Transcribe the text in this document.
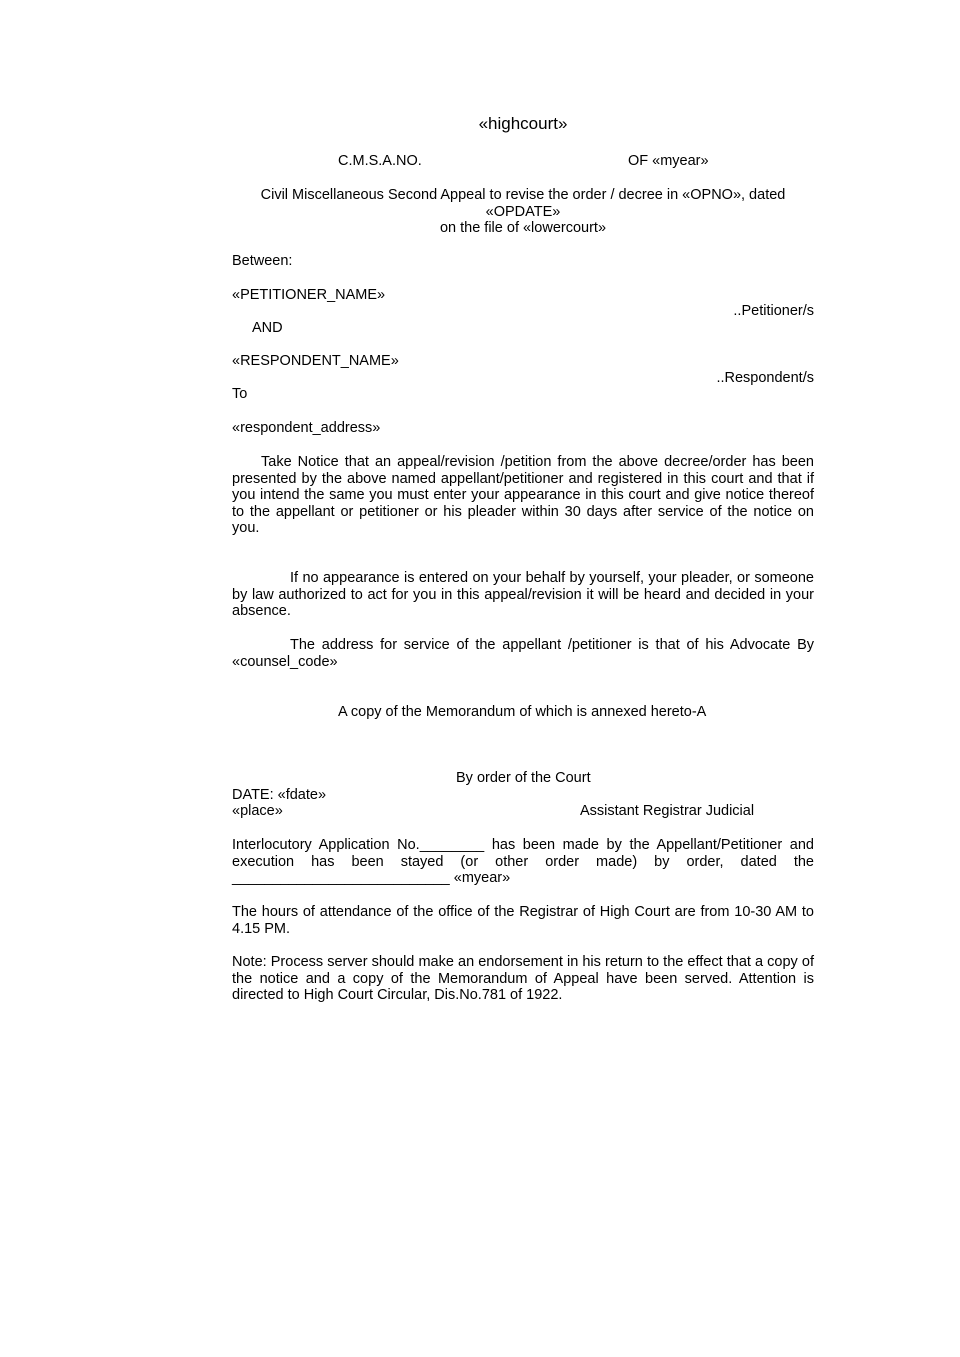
«highcourt»
C.M.S.A.NO.	OF «myear»
Civil Miscellaneous Second Appeal to revise the order / decree in «OPNO», dated
«OPDATE»
on the file of «lowercourt»
Between:
«PETITIONER_NAME»
..Petitioner/s
AND
«RESPONDENT_NAME»
..Respondent/s
To
«respondent_address»
Take Notice that an appeal/revision /petition from the above decree/order has been presented by the above named appellant/petitioner and registered in this court and that if you intend the same you must enter your appearance in this court and give notice thereof to the appellant or petitioner or his pleader within 30 days after service of the notice on you.
If no appearance is entered on your behalf by yourself, your pleader, or someone by law authorized to act for you in this appeal/revision it will be heard and decided in your absence.
The address for service of the appellant /petitioner is that of his Advocate By «counsel_code»
A copy of the Memorandum of which is annexed hereto-A
By order of the Court
DATE: «fdate»
«place»	Assistant Registrar Judicial
Interlocutory Application No.________ has been made by the Appellant/Petitioner and execution has been stayed (or other order made) by order, dated the ___________________________ «myear»
The hours of attendance of the office of the Registrar of High Court are from 10-30 AM to 4.15 PM.
Note: Process server should make an endorsement in his return to the effect that a copy of the notice and a copy of the Memorandum of Appeal have been served. Attention is directed to High Court Circular, Dis.No.781 of 1922.
